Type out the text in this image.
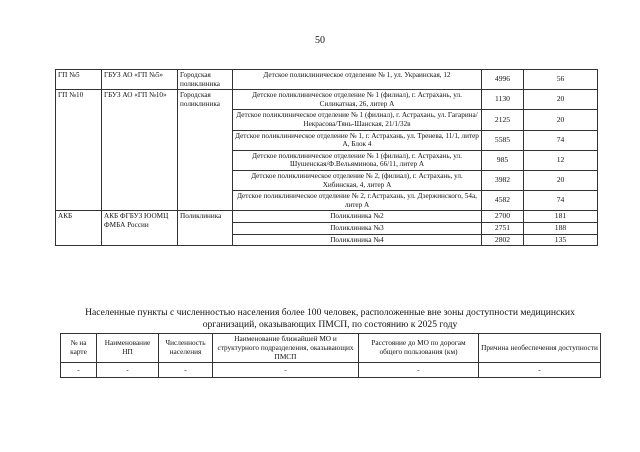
50
ГП №5	ГБУЗ АО «ГП №5»	Городская поликлиника	Детское поликлиническое отделение № 1, ул. Украинская, 12	4996	56
ГП №10	ГБУЗ АО «ГП №10»	Городская поликлиника	Детское поликлиническое отделение № 1 (филиал), г. Астрахань, ул. Силикатная, 26, литер А	1130	20
			Детское поликлиническое отделение № 1 (филиал), г. Астрахань, ул. Гагарина/Некрасова/Тянь-Шанская, 21/1/32в	2125	20
			Детское поликлиническое отделение № 1, г. Астрахань, ул. Тренева, 11/1, литер А, Блок 4	5585	74
			Детское поликлиническое отделение № 1 (филиал), г. Астрахань, ул. Шушенская/Ф.Вельяминова, 66/11, литер А	985	12
			Детское поликлиническое отделение № 2, (филиал), г. Астрахань, ул. Хибинская, 4, литер А	3982	20
			Детское поликлиническое отделение № 2, г.Астрахань, ул. Дзержинского, 54а, литер А	4582	74
АКБ	АКБ ФГБУЗ ЮОМЦ ФМБА России	Поликлиника	Поликлиника №2	2700	181
			Поликлиника №3	2751	188
			Поликлиника №4	2802	135
Населенные пункты с численностью населения более 100 человек, расположенные вне зоны доступности медицинских организаций, оказывающих ПМСП, по состоянию к 2025 году
№ на карте	Наименование НП	Численность населения	Наименование ближайшей МО и структурного подразделения, оказывающих ПМСП	Расстояние до МО по дорогам общего пользования (км)	Причина необеспечения доступности
-	-	-	-	-	-
